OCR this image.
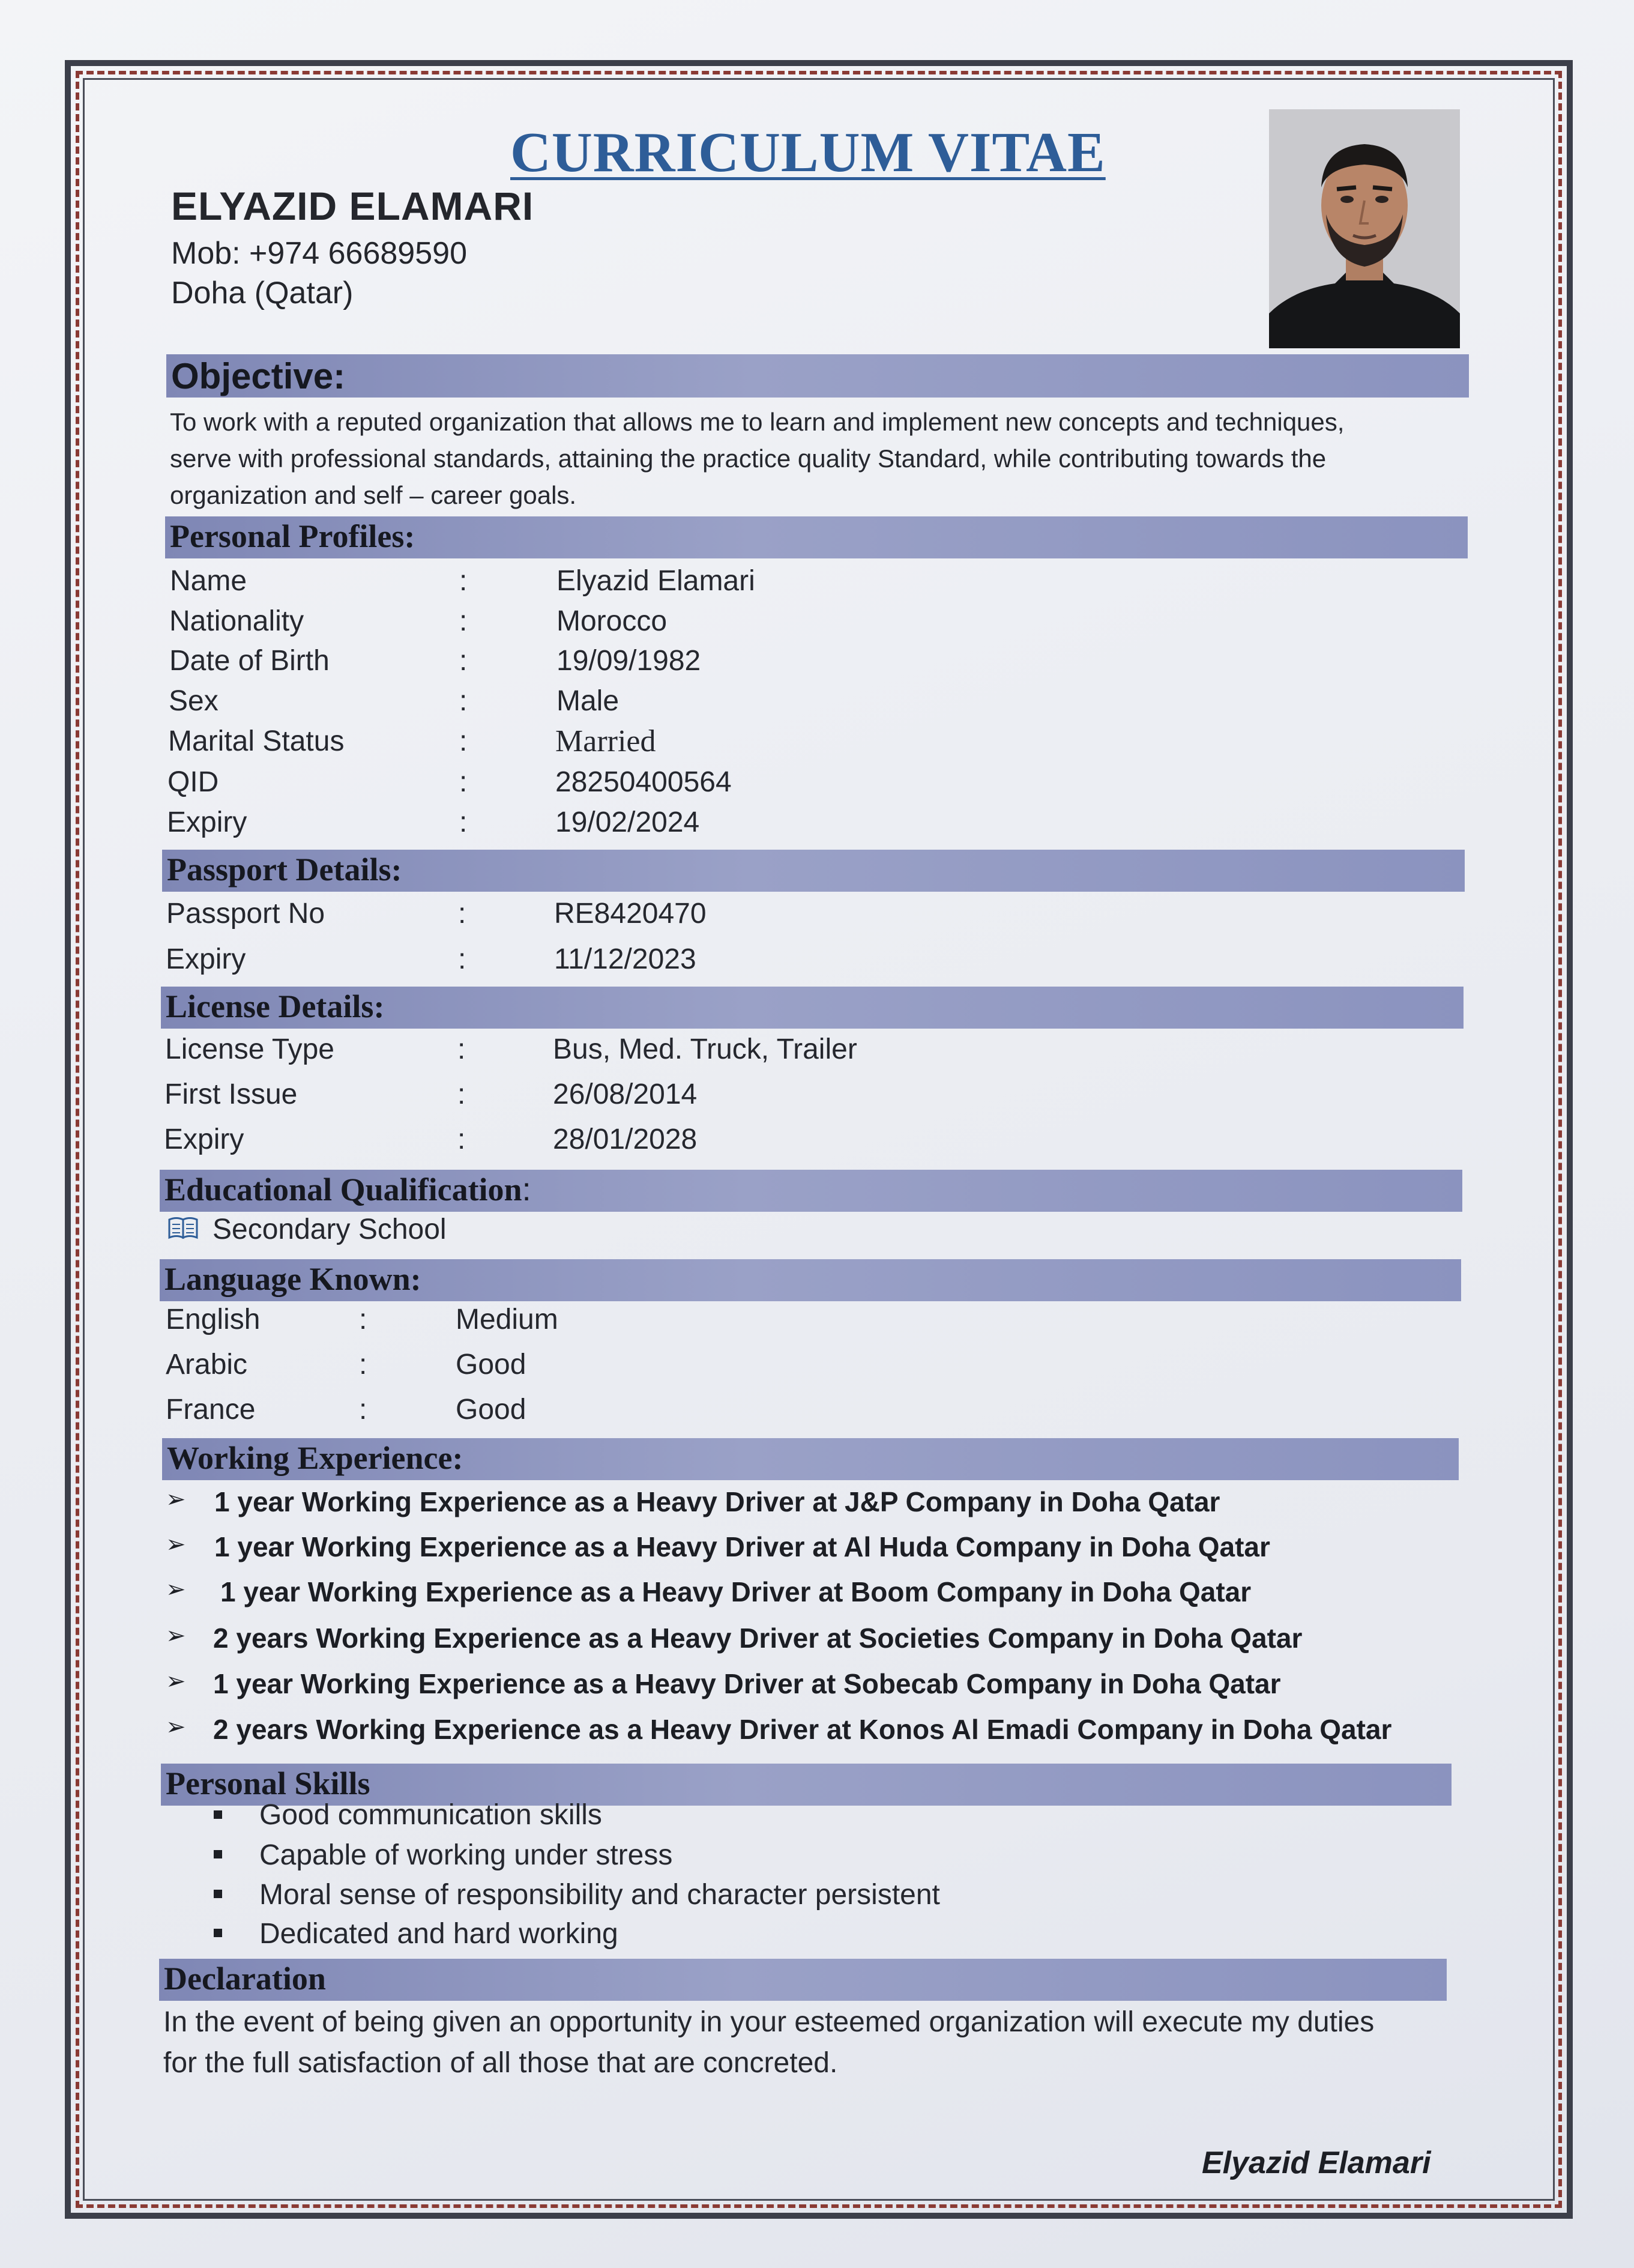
CURRICULUM VITAE
ELYAZID ELAMARI
Mob: +974 66689590
Doha (Qatar)
Objective:
To work with a reputed organization that allows me to learn and implement new concepts and techniques,
serve with professional standards, attaining the practice quality Standard, while contributing towards the
organization and self – career goals.
Personal Profiles:
Name	:	Elyazid Elamari
Nationality	:	Morocco
Date of Birth	:	19/09/1982
Sex	:	Male
Marital Status	:	Married
QID	:	28250400564
Expiry	:	19/02/2024
Passport Details:
Passport No	:	RE8420470
Expiry	:	11/12/2023
License Details:
License Type	:	Bus, Med. Truck, Trailer
First Issue	:	26/08/2014
Expiry	:	28/01/2028
Educational Qualification:
Secondary School
Language Known:
English	:	Medium
Arabic	:	Good
France	:	Good
Working Experience:
➢ 1 year Working Experience as a Heavy Driver at J&P Company in Doha Qatar
➢ 1 year Working Experience as a Heavy Driver at Al Huda Company in Doha Qatar
➢ 1 year Working Experience as a Heavy Driver at Boom Company in Doha Qatar
➢ 2 years Working Experience as a Heavy Driver at Societies Company in Doha Qatar
➢ 1 year Working Experience as a Heavy Driver at Sobecab Company in Doha Qatar
➢ 2 years Working Experience as a Heavy Driver at Konos Al Emadi Company in Doha Qatar
Personal Skills
Good communication skills
Capable of working under stress
Moral sense of responsibility and character persistent
Dedicated and hard working
Declaration
In the event of being given an opportunity in your esteemed organization will execute my duties
for the full satisfaction of all those that are concreted.
Elyazid Elamari
